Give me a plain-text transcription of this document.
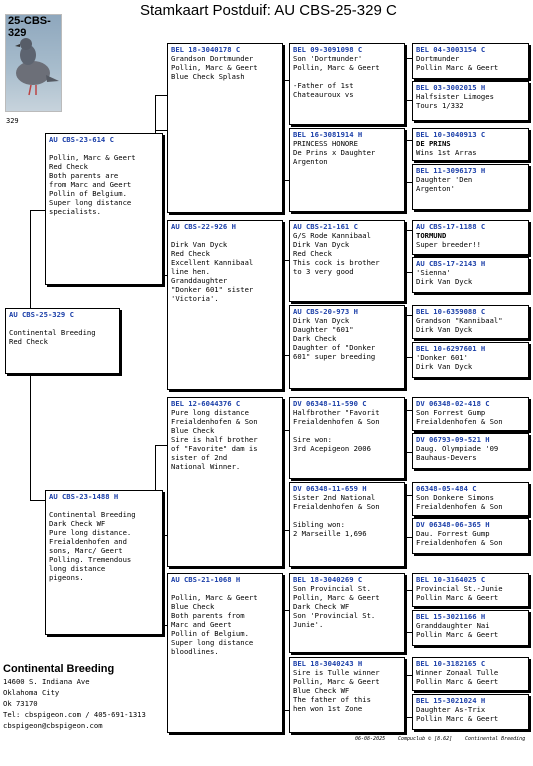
Stamkaart Postduif: AU CBS-25-329 C
25-CBS-329
329
AU CBS-25-329 C
Continental Breeding
Red Check
AU CBS-23-614 C
Pollin, Marc & Geert
Red Check
Both parents are
from Marc and Geert
Pollin of Belgium.
Super long distance
specialists.
AU CBS-23-1488 H
Continental Breeding
Dark Check WF
Pure long distance.
Freialdenhofen and
sons, Marc/ Geert
Polling. Tremendous
long distance
pigeons.
BEL 18-3040178 C
Grandson Dortmunder
Pollin, Marc & Geert
Blue Check Splash
AU CBS-22-926 H
Dirk Van Dyck
Red Check
Excellent Kannibaal
line hen.
Granddaughter
"Donker 601" sister
'Victoria'.
BEL 12-6044376 C
Pure long distance
Freialdenhofen & Son
Blue Check
Sire is half brother
of "Favorite" dam is
sister of 2nd
National Winner.
AU CBS-21-1068 H
Pollin, Marc & Geert
Blue Check
Both parents from
Marc and Geert
Pollin of Belgium.
Super long distance
bloodlines.
BEL 09-3091098 C
Son 'Dortmunder'
Pollin, Marc & Geert
-Father of 1st
Chateauroux vs
BEL 16-3081914 H
PRINCESS HONORE
De Prins x Daughter
Argenton
AU CBS-21-161 C
G/S Rode Kannibaal
Dirk Van Dyck
Red Check
This cock is brother
to 3 very good
AU CBS-20-973 H
Dirk Van Dyck
Daughter "601"
Dark Check
Daughter of "Donker
601" super breeding
DV 06348-11-590 C
Halfbrother "Favorit
Freialdenhofen & Son
Sire won:
3rd Acepigeon 2006
DV 06348-11-659 H
Sister 2nd National
Freialdenhofen & Son
Sibling won:
2 Marseille 1,696
BEL 18-3040269 C
Son Provincial St.
Pollin, Marc & Geert
Dark Check WF
Son 'Provincial St.
Junie'.
BEL 18-3040243 H
Sire is Tulle winner
Pollin, Marc & Geert
Blue Check WF
The father of this
hen won 1st Zone
BEL 04-3003154 C
Dortmunder
Pollin Marc & Geert
BEL 03-3002015 H
Halfsister Limoges
Tours 1/332
BEL 10-3040913 C
DE PRINS
Wins 1st Arras
BEL 11-3096173 H
Daughter 'Den
Argenton'
AU CBS-17-1188 C
TORMUND
Super breeder!!
AU CBS-17-2143 H
'Sienna'
Dirk Van Dyck
BEL 10-6359088 C
Grandson "Kannibaal"
Dirk Van Dyck
BEL 10-6297601 H
'Donker 601'
Dirk Van Dyck
DV 06348-02-418 C
Son Forrest Gump
Freialdenhofen & Son
DV 06793-09-521 H
Daug. Olympiade '09
Bauhaus-Devers
06348-05-484 C
Son Donkere Simons
Freialdenhofen & Son
DV 06348-06-365 H
Dau. Forrest Gump
Freialdenhofen & Son
BEL 10-3164025 C
Provincial St.-Junie
Pollin Marc & Geert
BEL 15-3021166 H
Granddaughter Nai
Pollin Marc & Geert
BEL 10-3182165 C
Winner Zonaal Tulle
Pollin Marc & Geert
BEL 15-3021024 H
Daughter As-Trix
Pollin Marc & Geert
Continental Breeding
14600 S. Indiana Ave
Oklahoma City
Ok 73170
Tel: cbspigeon.com / 405-691-1313
cbspigeon@cbspigeon.com
06-08-2025	Compuclub © [8.62]	Continental Breeding
